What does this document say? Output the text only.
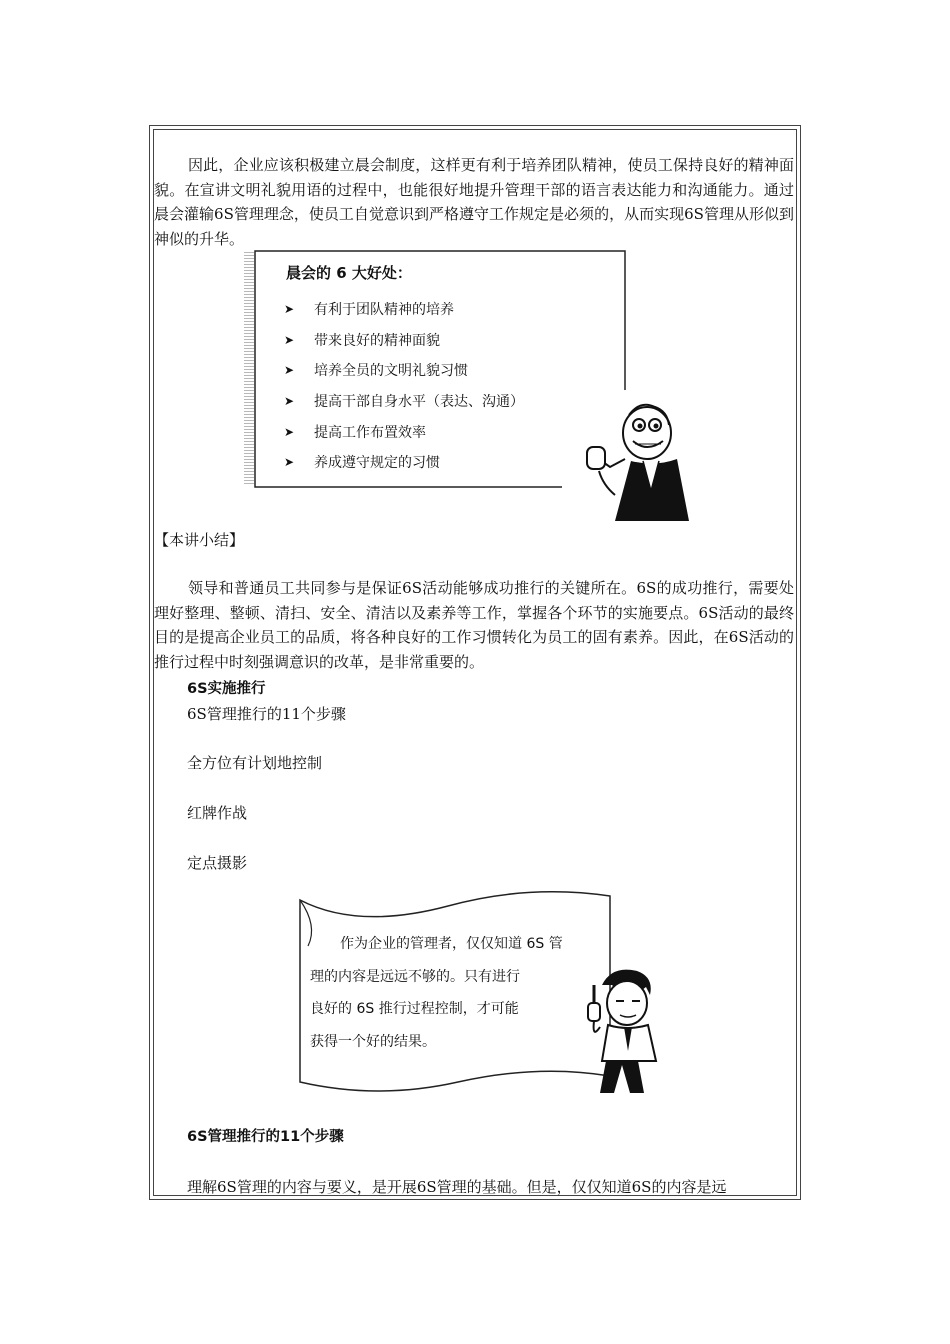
因此，企业应该积极建立晨会制度，这样更有利于培养团队精神，使员工保持良好的精神面貌。在宣讲文明礼貌用语的过程中，也能很好地提升管理干部的语言表达能力和沟通能力。通过晨会灌输6S管理理念，使员工自觉意识到严格遵守工作规定是必须的，从而实现6S管理从形似到神似的升华。

晨会的 6 大好处：

➤	有利于团队精神的培养
➤	带来良好的精神面貌
➤	培养全员的文明礼貌习惯
➤	提高干部自身水平（表达、沟通）
➤	提高工作布置效率
➤	养成遵守规定的习惯

【本讲小结】

领导和普通员工共同参与是保证6S活动能够成功推行的关键所在。6S的成功推行，需要处理好整理、整顿、清扫、安全、清洁以及素养等工作，掌握各个环节的实施要点。6S活动的最终目的是提高企业员工的品质，将各种良好的工作习惯转化为员工的固有素养。因此，在6S活动的推行过程中时刻强调意识的改革，是非常重要的。

6S实施推行

6S管理推行的11个步骤

全方位有计划地控制

红牌作战

定点摄影

作为企业的管理者，仅仅知道 6S 管
理的内容是远远不够的。只有进行
良好的 6S 推行过程控制，才可能
获得一个好的结果。

6S管理推行的11个步骤

理解6S管理的内容与要义，是开展6S管理的基础。但是，仅仅知道6S的内容是远
